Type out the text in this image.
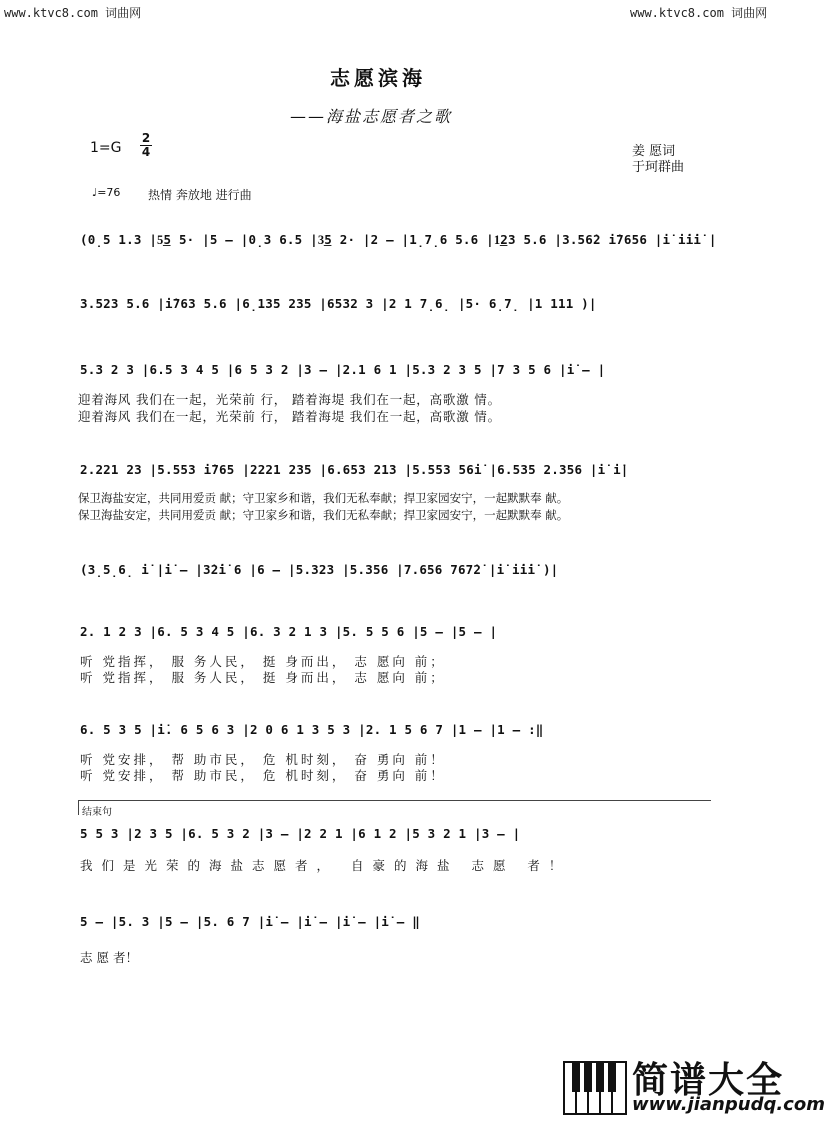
www.ktvc8.com 词曲网	www.ktvc8.com 词曲网
志愿滨海
——海盐志愿者之歌
1=G
2
4	姜 愿词
于珂群曲
♩=76 热情 奔放地 进行曲
(0̣5 1.3 |5͟5 5· |5 – |0̣3 6.5 |3͟5 2· |2 – |1̣7̣6 5.6 |1͟23 5.6 |3.56̇2 i̇7656 |i̇ i̇i̇i̇ |
3.523 5.6 |i̇763 5.6 |6̣135 235 |6532 3 |2 1 7̣6̣ |5· 6̣7̣ |1 111 )|
5.3 2 3 |6.5 3 4 5 |6 5 3 2 |3 – |2.1 6 1 |5.3 2 3 5 |7 3 5 6 |i̇ – |
迎着海风 我们在一起，光荣前 行， 踏着海堤 我们在一起，高歌激 情。
迎着海风 我们在一起，光荣前 行， 踏着海堤 我们在一起，高歌激 情。
2.221 23 |5.553 i̇765 |2221 235 |6.653 213 |5.553 56i̇ |6.535 2.356 |i̇ i̇|
保卫海盐安定，共同用爱贡 献；守卫家乡和谐，我们无私奉献；捍卫家园安宁，一起默默奉 献。
保卫海盐安定，共同用爱贡 献；守卫家乡和谐，我们无私奉献；捍卫家园安宁，一起默默奉 献。
(3̣5̣6̣ i̇ |i̇ – |3̇2̇i̇ 6 |6 – |5.323 |5.356 |7.656 767̇2̇ |i̇ i̇i̇i̇ )|
2. 1 2 3 |6. 5 3 4 5 |6. 3 2 1 3 |5. 5 5 6 |5 – |5 – |
听 党指挥， 服 务人民， 挺 身而出， 志 愿向 前；
听 党指挥， 服 务人民， 挺 身而出， 志 愿向 前；
6. 5 3 5 |i̇. 6 5 6 3 |2 0 6 1 3 5 3 |2. 1 5 6 7 |1 – |1 – :‖
听 党安排， 帮 助市民， 危 机时刻， 奋 勇向 前！
听 党安排， 帮 助市民， 危 机时刻， 奋 勇向 前！
结束句
5 5 3 |2 3 5 |6. 5 3 2 |3 – |2 2 1 |6 1 2 |5 3 2 1 |3 – |
我们是光荣的海盐志愿者， 自豪的海盐 志愿 者！
5 – |5. 3 |5 – |5. 6 7 |i̇ – |i̇ – |i̇ – |i̇ – ‖
志 愿 者！
简谱大全
www.jianpudq.com
